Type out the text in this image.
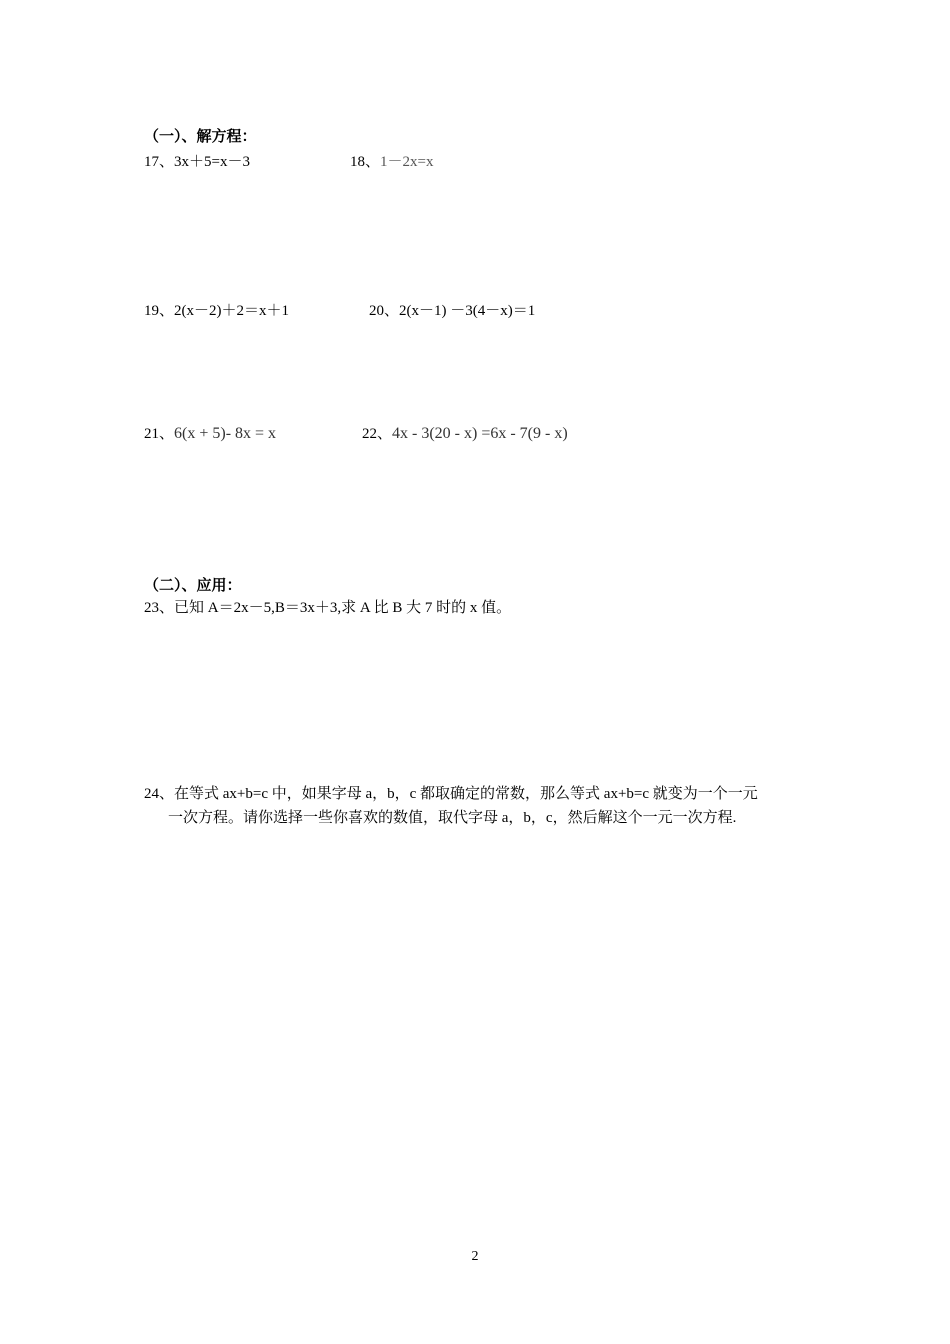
（一）、解方程：
17、3x＋5=x－3	18、1－2x=x
19、2(x－2)＋2＝x＋1	20、2(x－1) －3(4－x)＝1
21、6(x + 5)- 8x = x	22、4x - 3(20 - x) =6x - 7(9 - x)
（二）、应用：
23、已知 A＝2x－5,B＝3x＋3,求 A 比 B 大 7 时的 x 值。
24、在等式 ax+b=c 中，如果字母 a，b，c 都取确定的常数，那么等式 ax+b=c 就变为一个一元
一次方程。请你选择一些你喜欢的数值，取代字母 a，b，c，然后解这个一元一次方程.
2
